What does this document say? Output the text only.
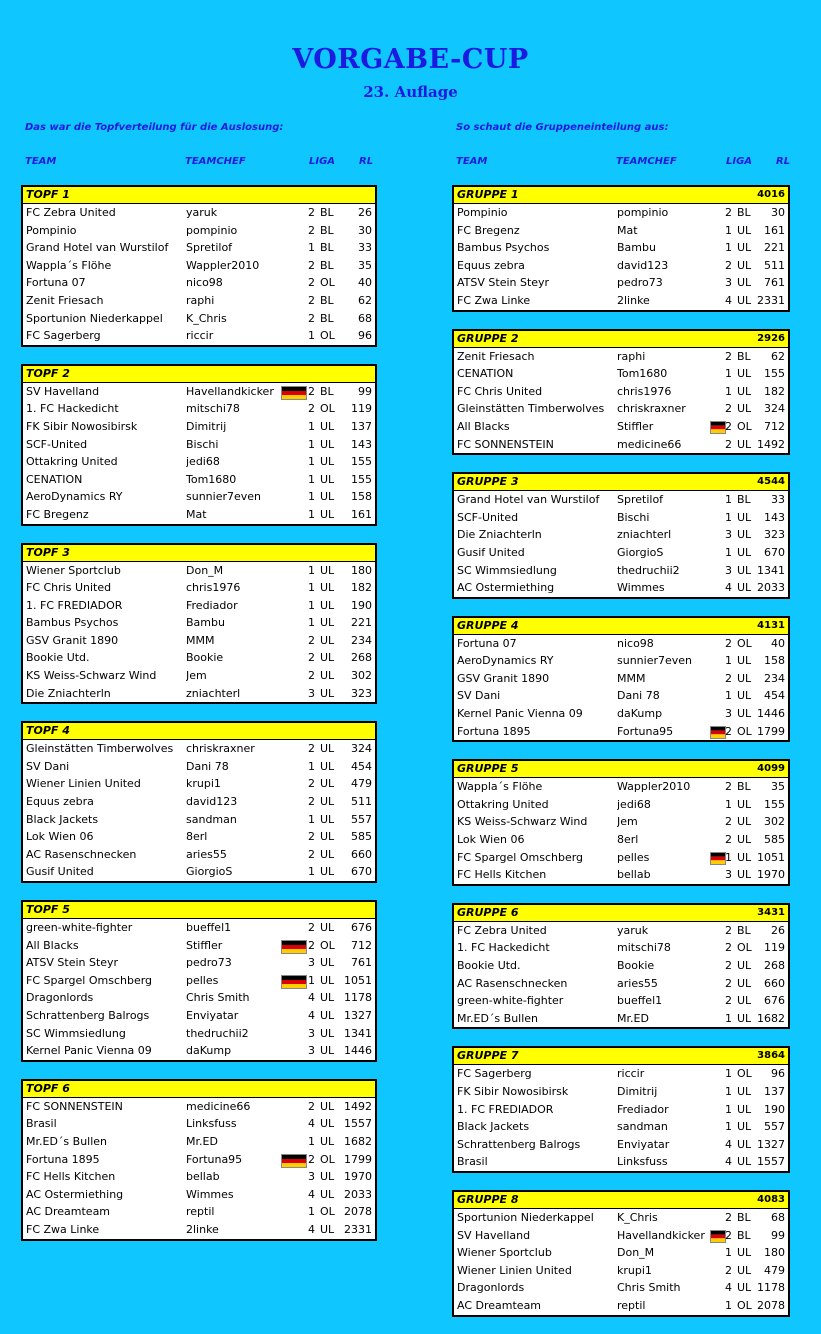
VORGABE-CUP
23. Auflage
Das war die Topfverteilung für die Auslosung:	So schaut die Gruppeneinteilung aus:
TEAM	TEAMCHEF	LIGA RL	TEAM	TEAMCHEF	LIGA RL
TOPF 1
FC Zebra United	yaruk	2 BL 26
Pompinio	pompinio	2 BL 30
Grand Hotel van Wurstilof	Spretilof	1 BL 33
Wappla´s Flöhe	Wappler2010	2 BL 35
Fortuna 07	nico98	2 OL 40
Zenit Friesach	raphi	2 BL 62
Sportunion Niederkappel	K_Chris	2 BL 68
FC Sagerberg	riccir	1 OL 96
TOPF 2
SV Havelland	Havellandkicker	2 BL 99
1. FC Hackedicht	mitschi78	2 OL 119
FK Sibir Nowosibirsk	Dimitrij	1 UL 137
SCF-United	Bischi	1 UL 143
Ottakring United	jedi68	1 UL 155
CENATION	Tom1680	1 UL 155
AeroDynamics RY	sunnier7even	1 UL 158
FC Bregenz	Mat	1 UL 161
TOPF 3
Wiener Sportclub	Don_M	1 UL 180
FC Chris United	chris1976	1 UL 182
1. FC FREDIADOR	Frediador	1 UL 190
Bambus Psychos	Bambu	1 UL 221
GSV Granit 1890	MMM	2 UL 234
Bookie Utd.	Bookie	2 UL 268
KS Weiss-Schwarz Wind	Jem	2 UL 302
Die Zniachterln	zniachterl	3 UL 323
TOPF 4
Gleinstätten Timberwolves	chriskraxner	2 UL 324
SV Dani	Dani 78	1 UL 454
Wiener Linien United	krupi1	2 UL 479
Equus zebra	david123	2 UL 511
Black Jackets	sandman	1 UL 557
Lok Wien 06	8erl	2 UL 585
AC Rasenschnecken	aries55	2 UL 660
Gusif United	GiorgioS	1 UL 670
TOPF 5
green-white-fighter	bueffel1	2 UL 676
All Blacks	Stiffler	2 OL 712
ATSV Stein Steyr	pedro73	3 UL 761
FC Spargel Omschberg	pelles	1 UL 1051
Dragonlords	Chris Smith	4 UL 1178
Schrattenberg Balrogs	Enviyatar	4 UL 1327
SC Wimmsiedlung	thedruchii2	3 UL 1341
Kernel Panic Vienna 09	daKump	3 UL 1446
TOPF 6
FC SONNENSTEIN	medicine66	2 UL 1492
Brasil	Linksfuss	4 UL 1557
Mr.ED´s Bullen	Mr.ED	1 UL 1682
Fortuna 1895	Fortuna95	2 OL 1799
FC Hells Kitchen	bellab	3 UL 1970
AC Ostermiething	Wimmes	4 UL 2033
AC Dreamteam	reptil	1 OL 2078
FC Zwa Linke	2linke	4 UL 2331
GRUPPE 1	4016
Pompinio	pompinio	2 BL 30
FC Bregenz	Mat	1 UL 161
Bambus Psychos	Bambu	1 UL 221
Equus zebra	david123	2 UL 511
ATSV Stein Steyr	pedro73	3 UL 761
FC Zwa Linke	2linke	4 UL 2331
GRUPPE 2	2926
Zenit Friesach	raphi	2 BL 62
CENATION	Tom1680	1 UL 155
FC Chris United	chris1976	1 UL 182
Gleinstätten Timberwolves	chriskraxner	2 UL 324
All Blacks	Stiffler	2 OL 712
FC SONNENSTEIN	medicine66	2 UL 1492
GRUPPE 3	4544
Grand Hotel van Wurstilof	Spretilof	1 BL 33
SCF-United	Bischi	1 UL 143
Die Zniachterln	zniachterl	3 UL 323
Gusif United	GiorgioS	1 UL 670
SC Wimmsiedlung	thedruchii2	3 UL 1341
AC Ostermiething	Wimmes	4 UL 2033
GRUPPE 4	4131
Fortuna 07	nico98	2 OL 40
AeroDynamics RY	sunnier7even	1 UL 158
GSV Granit 1890	MMM	2 UL 234
SV Dani	Dani 78	1 UL 454
Kernel Panic Vienna 09	daKump	3 UL 1446
Fortuna 1895	Fortuna95	2 OL 1799
GRUPPE 5	4099
Wappla´s Flöhe	Wappler2010	2 BL 35
Ottakring United	jedi68	1 UL 155
KS Weiss-Schwarz Wind	Jem	2 UL 302
Lok Wien 06	8erl	2 UL 585
FC Spargel Omschberg	pelles	1 UL 1051
FC Hells Kitchen	bellab	3 UL 1970
GRUPPE 6	3431
FC Zebra United	yaruk	2 BL 26
1. FC Hackedicht	mitschi78	2 OL 119
Bookie Utd.	Bookie	2 UL 268
AC Rasenschnecken	aries55	2 UL 660
green-white-fighter	bueffel1	2 UL 676
Mr.ED´s Bullen	Mr.ED	1 UL 1682
GRUPPE 7	3864
FC Sagerberg	riccir	1 OL 96
FK Sibir Nowosibirsk	Dimitrij	1 UL 137
1. FC FREDIADOR	Frediador	1 UL 190
Black Jackets	sandman	1 UL 557
Schrattenberg Balrogs	Enviyatar	4 UL 1327
Brasil	Linksfuss	4 UL 1557
GRUPPE 8	4083
Sportunion Niederkappel	K_Chris	2 BL 68
SV Havelland	Havellandkicker	2 BL 99
Wiener Sportclub	Don_M	1 UL 180
Wiener Linien United	krupi1	2 UL 479
Dragonlords	Chris Smith	4 UL 1178
AC Dreamteam	reptil	1 OL 2078
